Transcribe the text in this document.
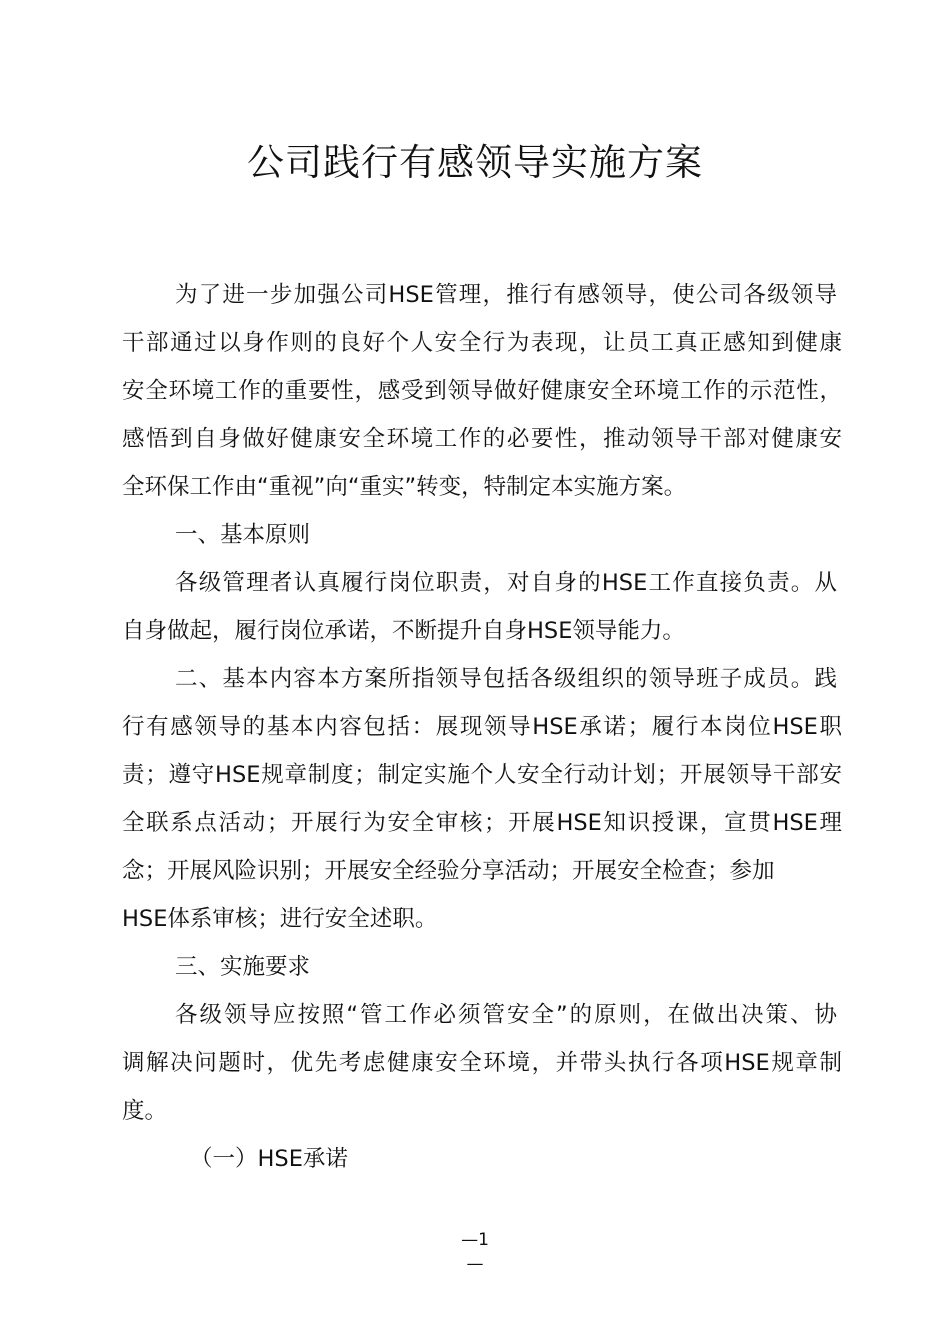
公司践行有感领导实施方案

为了进一步加强公司HSE管理，推行有感领导，使公司各级领导

干部通过以身作则的良好个人安全行为表现，让员工真正感知到健康

安全环境工作的重要性，感受到领导做好健康安全环境工作的示范性，

感悟到自身做好健康安全环境工作的必要性，推动领导干部对健康安

全环保工作由“重视”向“重实”转变，特制定本实施方案。

一、基本原则

各级管理者认真履行岗位职责，对自身的HSE工作直接负责。从

自身做起，履行岗位承诺，不断提升自身HSE领导能力。

二、基本内容本方案所指领导包括各级组织的领导班子成员。践

行有感领导的基本内容包括：展现领导HSE承诺；履行本岗位HSE职

责；遵守HSE规章制度；制定实施个人安全行动计划；开展领导干部安

全联系点活动；开展行为安全审核；开展HSE知识授课，宣贯HSE理

念；开展风险识别；开展安全经验分享活动；开展安全检查；参加

HSE体系审核；进行安全述职。

三、实施要求

各级领导应按照“管工作必须管安全”的原则，在做出决策、协

调解决问题时，优先考虑健康安全环境，并带头执行各项HSE规章制

度。

（一）HSE承诺

—1
—
